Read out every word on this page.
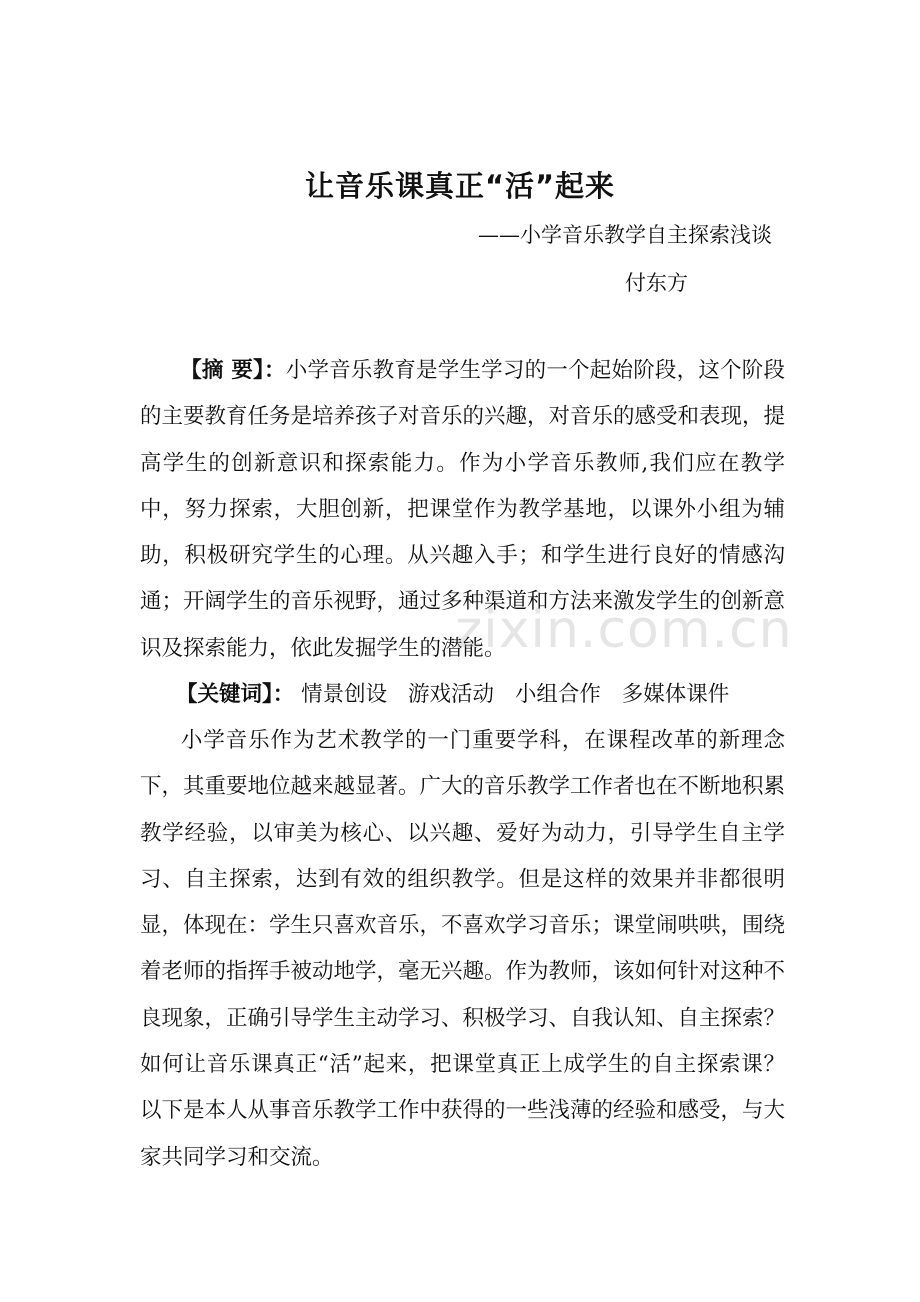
让音乐课真正“活”起来
——小学音乐教学自主探索浅谈
付东方
【摘 要】：小学音乐教育是学生学习的一个起始阶段，这个阶段的主要教育任务是培养孩子对音乐的兴趣，对音乐的感受和表现，提高学生的创新意识和探索能力。作为小学音乐教师,我们应在教学中，努力探索，大胆创新，把课堂作为教学基地，以课外小组为辅助，积极研究学生的心理。从兴趣入手；和学生进行良好的情感沟通；开阔学生的音乐视野，通过多种渠道和方法来激发学生的创新意识及探索能力，依此发掘学生的潜能。
【关键词】： 情景创设 游戏活动 小组合作 多媒体课件
小学音乐作为艺术教学的一门重要学科，在课程改革的新理念下，其重要地位越来越显著。广大的音乐教学工作者也在不断地积累教学经验，以审美为核心、以兴趣、爱好为动力，引导学生自主学习、自主探索，达到有效的组织教学。但是这样的效果并非都很明显，体现在：学生只喜欢音乐，不喜欢学习音乐；课堂闹哄哄，围绕着老师的指挥手被动地学，毫无兴趣。作为教师，该如何针对这种不良现象，正确引导学生主动学习、积极学习、自我认知、自主探索？如何让音乐课真正“活”起来，把课堂真正上成学生的自主探索课？以下是本人从事音乐教学工作中获得的一些浅薄的经验和感受，与大家共同学习和交流。
zixin.com.cn
